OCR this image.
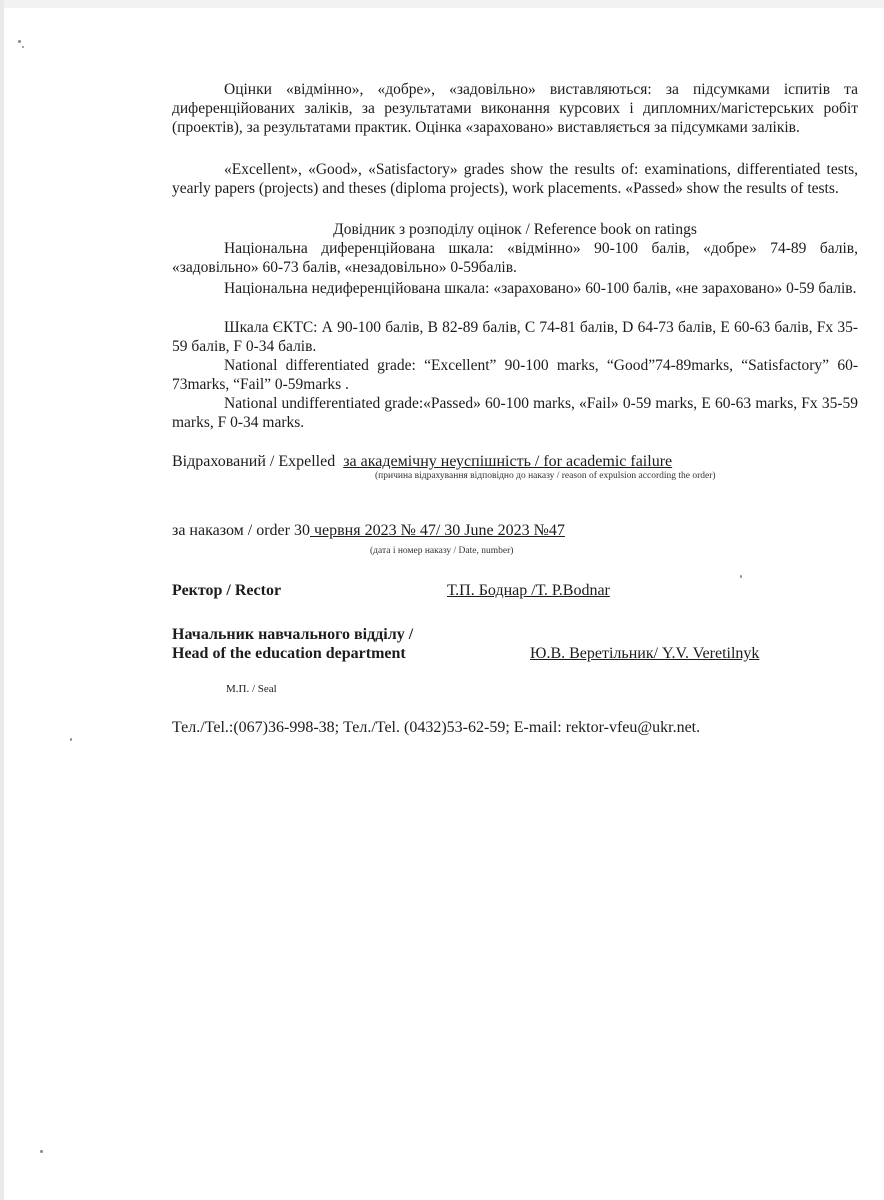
Оцінки «відмінно», «добре», «задовільно» виставляються: за підсумками іспитів та диференційованих заліків, за результатами виконання курсових і дипломних/магістерських робіт (проектів), за результатами практик. Оцінка «зараховано» виставляється за підсумками заліків.

«Excellent», «Good», «Satisfactory» grades show the results of: examinations, differentiated tests, yearly papers (projects) and theses (diploma projects), work placements. «Passed» show the results of tests.

Довідник з розподілу оцінок / Reference book on ratings

Національна диференційована шкала: «відмінно» 90-100 балів, «добре» 74-89 балів, «задовільно» 60-73 балів, «незадовільно» 0-59балів.

Національна недиференційована шкала: «зараховано» 60-100 балів, «не зараховано» 0-59 балів.

Шкала ЄКТС: А 90-100 балів, В 82-89 балів, С 74-81 балів, D 64-73 балів, Е 60-63 балів, Fx 35-59 балів, F 0-34 балів.

National differentiated grade: “Excellent” 90-100 marks, “Good”74-89marks, “Satisfactory” 60-73marks, “Fail” 0-59marks .

National undifferentiated grade:«Passed» 60-100 marks, «Fail» 0-59 marks, E 60-63 marks, Fx 35-59 marks, F 0-34 marks.

Відрахований / Expelled за академічну неуспішність / for academic failure
(причина відрахування відповідно до наказу / reason of expulsion according the order)
за наказом / order 30 червня 2023 № 47/ 30 June 2023 №47
(дата і номер наказу / Date, number)
Ректор / Rector	Т.П. Боднар /Т. Р.Bodnar
Начальник навчального відділу /
Head of the education department	Ю.В. Веретільник/ Y.V. Veretilnyk
М.П. / Seal
Тел./Tel.:(067)36-998-38; Тел./Tel. (0432)53-62-59; E-mail: rektor-vfeu@ukr.net.
